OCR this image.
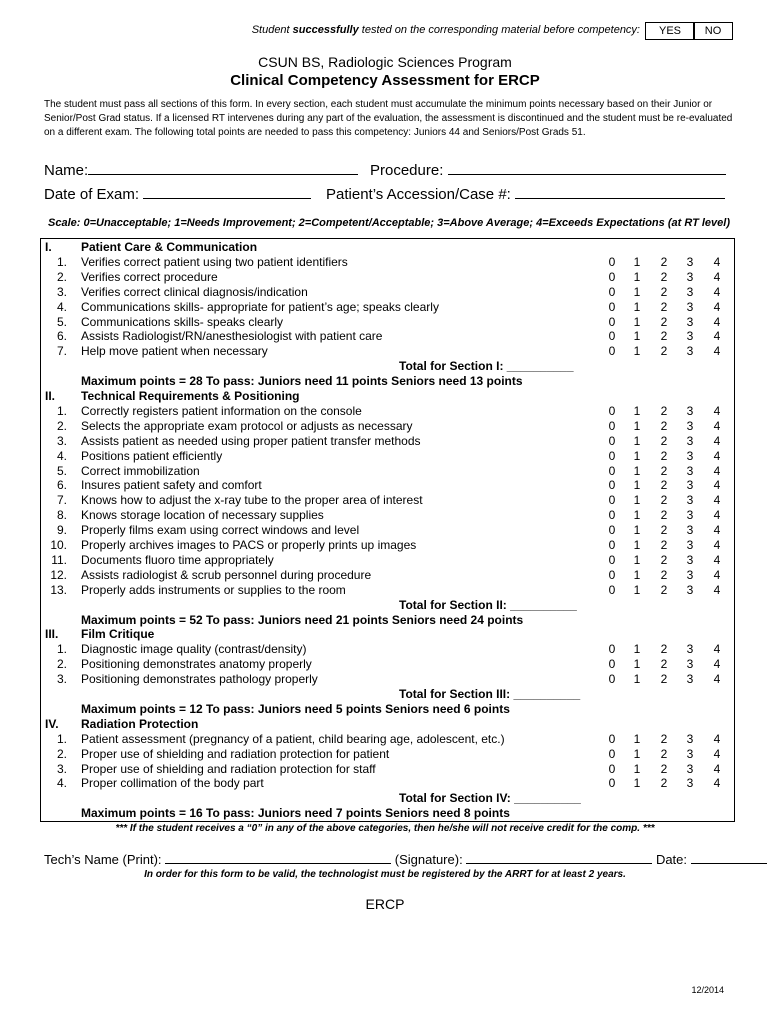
Student successfully tested on the corresponding material before competency:	YES	NO
CSUN BS, Radiologic Sciences Program
Clinical Competency Assessment for ERCP
The student must pass all sections of this form. In every section, each student must accumulate the minimum points necessary based on their Junior or Senior/Post Grad status. If a licensed RT intervenes during any part of the evaluation, the assessment is discontinued and the student must be re-evaluated on a different exam. The following total points are needed to pass this competency: Juniors 44 and Seniors/Post Grads 51.
Name:	Procedure:
Date of Exam:	Patient’s Accession/Case #:
Scale: 0=Unacceptable; 1=Needs Improvement; 2=Competent/Acceptable; 3=Above Average; 4=Exceeds Expectations (at RT level)
I. Patient Care & Communication
1. Verifies correct patient using two patient identifiers	0 1 2 3 4
2. Verifies correct procedure	0 1 2 3 4
3. Verifies correct clinical diagnosis/indication	0 1 2 3 4
4. Communications skills- appropriate for patient’s age; speaks clearly	0 1 2 3 4
5. Communications skills- speaks clearly	0 1 2 3 4
6. Assists Radiologist/RN/anesthesiologist with patient care	0 1 2 3 4
7. Help move patient when necessary	0 1 2 3 4
Total for Section I: __________
Maximum points = 28 To pass: Juniors need 11 points Seniors need 13 points
II. Technical Requirements & Positioning
1. Correctly registers patient information on the console	0 1 2 3 4
2. Selects the appropriate exam protocol or adjusts as necessary	0 1 2 3 4
3. Assists patient as needed using proper patient transfer methods	0 1 2 3 4
4. Positions patient efficiently	0 1 2 3 4
5. Correct immobilization	0 1 2 3 4
6. Insures patient safety and comfort	0 1 2 3 4
7. Knows how to adjust the x-ray tube to the proper area of interest	0 1 2 3 4
8. Knows storage location of necessary supplies	0 1 2 3 4
9. Properly films exam using correct windows and level	0 1 2 3 4
10. Properly archives images to PACS or properly prints up images	0 1 2 3 4
11. Documents fluoro time appropriately	0 1 2 3 4
12. Assists radiologist & scrub personnel during procedure	0 1 2 3 4
13. Properly adds instruments or supplies to the room	0 1 2 3 4
Total for Section II: __________
Maximum points = 52 To pass: Juniors need 21 points Seniors need 24 points
III. Film Critique
1. Diagnostic image quality (contrast/density)	0 1 2 3 4
2. Positioning demonstrates anatomy properly	0 1 2 3 4
3. Positioning demonstrates pathology properly	0 1 2 3 4
Total for Section III: __________
Maximum points = 12 To pass: Juniors need 5 points Seniors need 6 points
IV. Radiation Protection
1. Patient assessment (pregnancy of a patient, child bearing age, adolescent, etc.)	0 1 2 3 4
2. Proper use of shielding and radiation protection for patient	0 1 2 3 4
3. Proper use of shielding and radiation protection for staff	0 1 2 3 4
4. Proper collimation of the body part	0 1 2 3 4
Total for Section IV: __________
Maximum points = 16 To pass: Juniors need 7 points Seniors need 8 points
*** If the student receives a “0” in any of the above categories, then he/she will not receive credit for the comp. ***
Tech’s Name (Print):	(Signature):	Date:
In order for this form to be valid, the technologist must be registered by the ARRT for at least 2 years.
ERCP
12/2014
